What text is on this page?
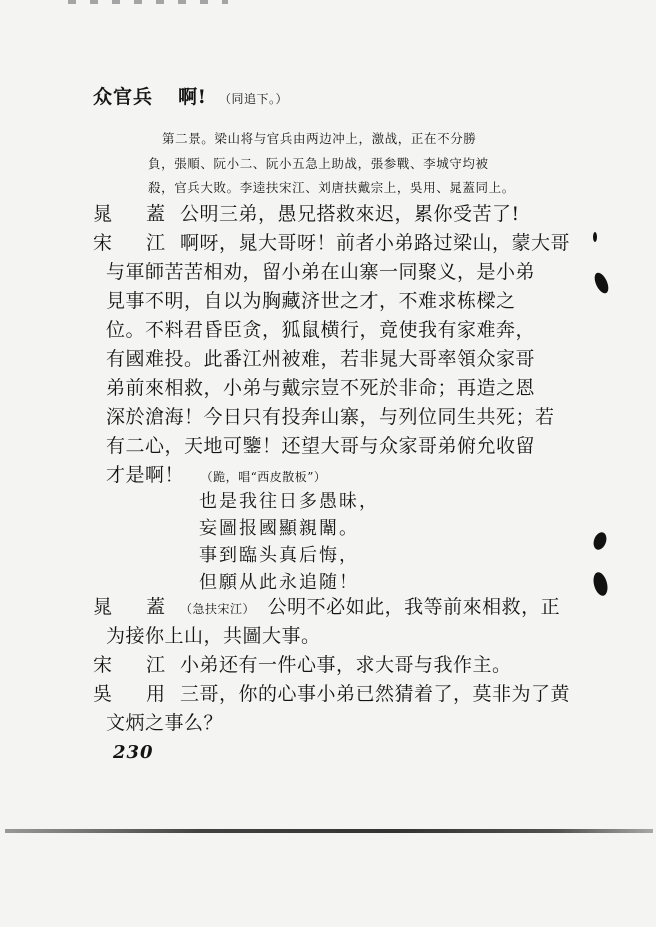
众官兵 啊! （同追下。）
第二景。梁山将与官兵由两边冲上，激战，正在不分勝
負，張順、阮小二、阮小五急上助战，張参戰、李城守均被
殺，官兵大敗。李逵扶宋江、刘唐扶戴宗上，吳用、晁蓋同上。
晁 蓋 公明三弟，愚兄搭救來迟，累你受苦了!
宋 江 啊呀，晁大哥呀！前者小弟路过梁山，蒙大哥
与軍師苦苦相劝，留小弟在山寨一同聚义，是小弟
見事不明，自以为胸藏济世之才，不难求栋樑之
位。不料君昏臣贪，狐鼠横行，竟使我有家难奔，
有國难投。此番江州被难，若非晁大哥率領众家哥
弟前來相救，小弟与戴宗豈不死於非命；再造之恩
深於滄海！今日只有投奔山寨，与列位同生共死；若
有二心，天地可鑒！还望大哥与众家哥弟俯允收留
才是啊！ （跪，唱“西皮散板”）
也是我往日多愚昧，
妄圖报國顯親闈。
事到臨头真后悔，
但願从此永追随！
晁 蓋 （急扶宋江） 公明不必如此，我等前來相救，正
为接你上山，共圖大事。
宋 江 小弟还有一件心事，求大哥与我作主。
吳 用 三哥，你的心事小弟已然猜着了，莫非为了黄
文炳之事么？
230
